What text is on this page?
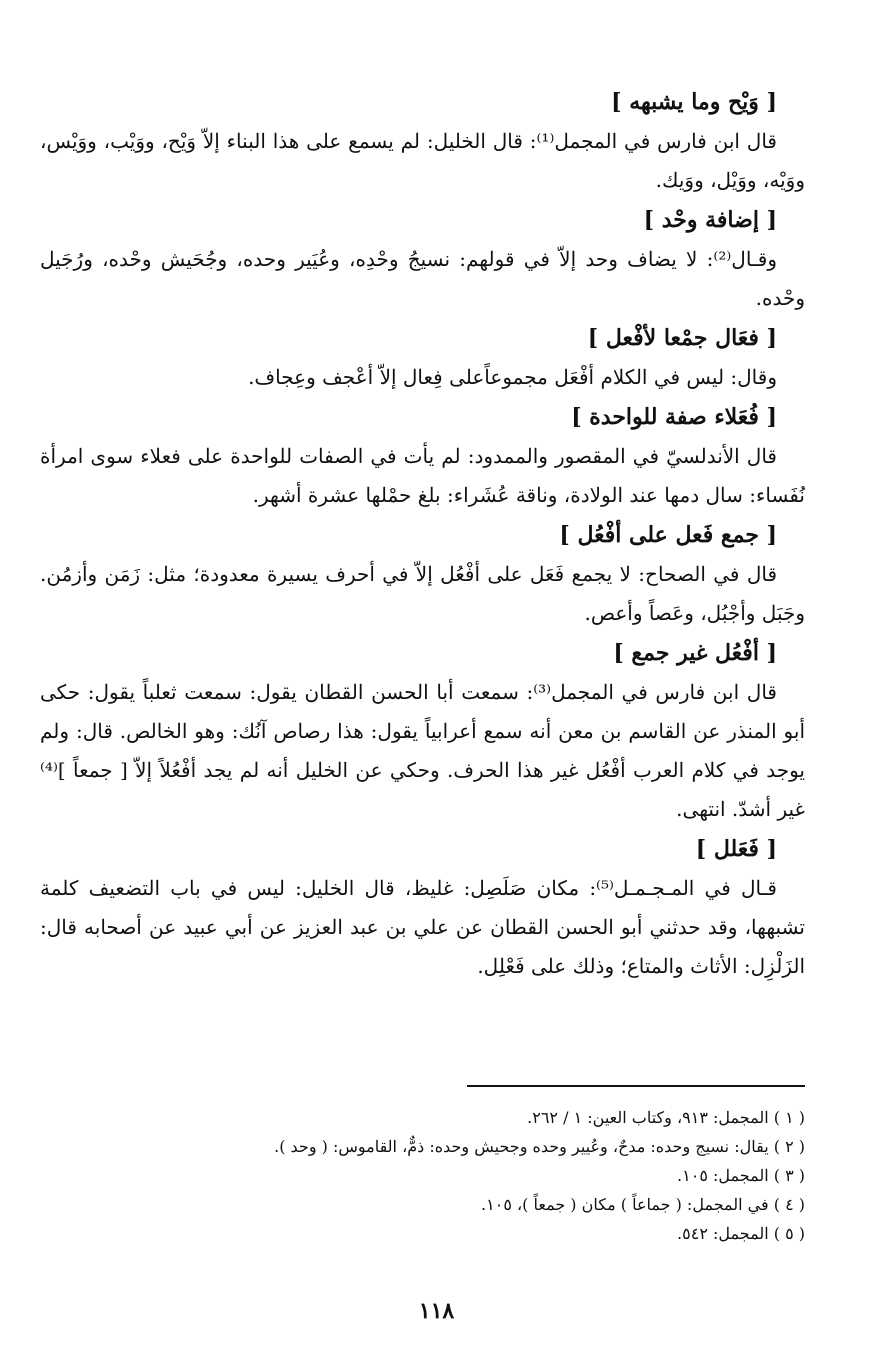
[ وَيْح وما يشبهه ]

قال ابن فارس في المجمل⁽¹⁾: قال الخليل: لم يسمع على هذا البناء إلاّ وَيْح، ووَيْب، ووَيْس، ووَيْه، ووَيْل، ووَيك.

[ إضافة وحْد ]

وقـال⁽²⁾: لا يضاف وحد إلاّ في قولهم: نسيجُ وحْدِه، وعُيَير وحده، وجُحَيش وحْده، ورُجَيل وحْده.

[ فعَال جمْعا لأفْعل ]

وقال: ليس في الكلام أفْعَل مجموعاًعلى فِعال إلاّ أعْجف وعِجاف.

[ فُعَلاء صفة للواحدة ]

قال الأندلسيّ في المقصور والممدود: لم يأت في الصفات للواحدة على فعلاء سوى امرأة نُفَساء: سال دمها عند الولادة، وناقة عُشَراء: بلغ حمْلها عشرة أشهر.

[ جمع فَعل على أفْعُل ]

قال في الصحاح: لا يجمع فَعَل على أفْعُل إلاّ في أحرف يسيرة معدودة؛ مثل: زَمَن وأزمُن. وجَبَل وأجْبُل، وعَصاً وأعص.

[ أفْعُل غير جمع ]

قال ابن فارس في المجمل⁽³⁾: سمعت أبا الحسن القطان يقول: سمعت ثعلباً يقول: حكى أبو المنذر عن القاسم بن معن أنه سمع أعرابياً يقول: هذا رصاص آنُك: وهو الخالص. قال: ولم يوجد في كلام العرب أفْعُل غير هذا الحرف. وحكي عن الخليل أنه لم يجد أفْعُلاً إلاّ [ جمعاً ]⁽⁴⁾ غير أشدّ. انتهى.

[ فَعَلل ]

قـال في المـجـمـل⁽⁵⁾: مكان صَلَصِل: غليظ، قال الخليل: ليس في باب التضعيف كلمة تشبهها، وقد حدثني أبو الحسن القطان عن علي بن عبد العزيز عن أبي عبيد عن أصحابه قال: الزَلْزِل: الأثاث والمتاع؛ وذلك على فَعْلِل.

( ١ ) المجمل: ٩١٣، وكتاب العين: ١ / ٢٦٢.

( ٢ ) يقال: نسيج وحده: مدحٌ، وعُيير وحده وجحيش وحده: ذمٌّ، القاموس: ( وحد ).

( ٣ ) المجمل: ١٠٥.

( ٤ ) في المجمل: ( جماعاً ) مكان ( جمعاً )، ١٠٥.

( ٥ ) المجمل: ٥٤٢.

١١٨
